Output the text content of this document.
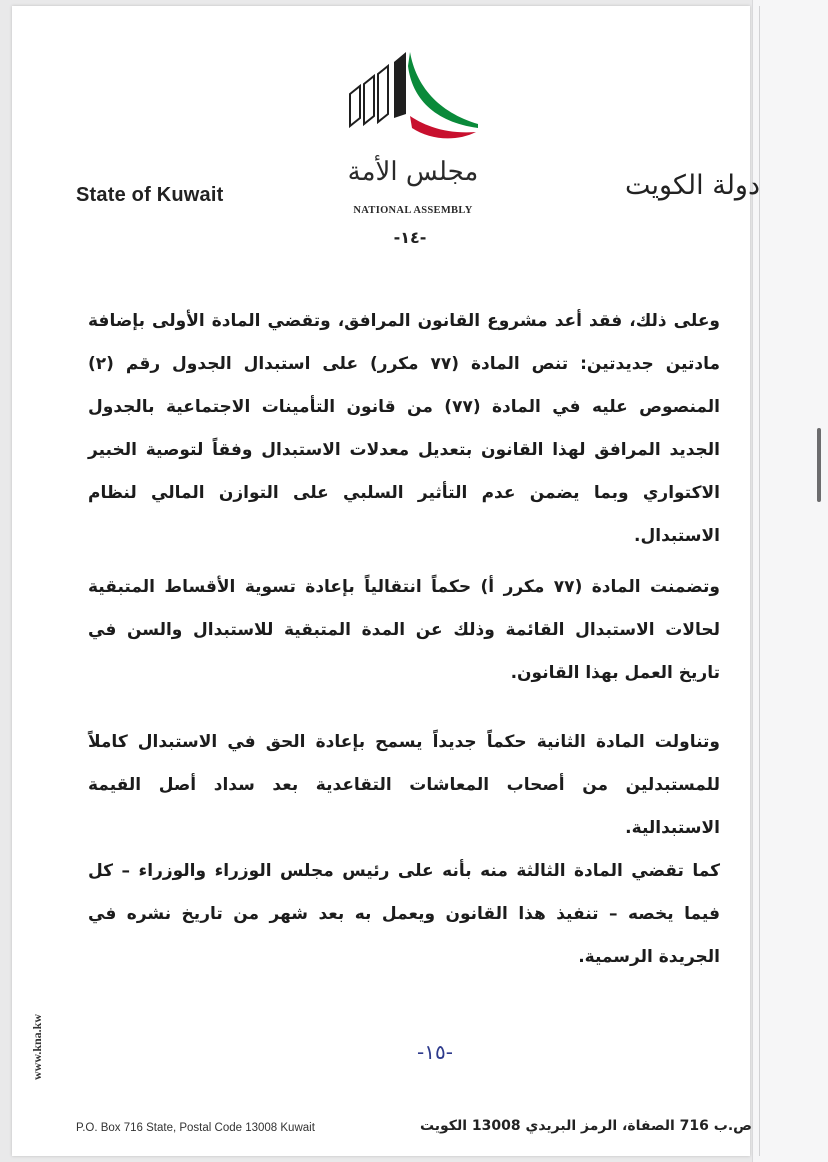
State of Kuwait	دولة الكويت
مجلس الأمة
NATIONAL ASSEMBLY
-١٤-

وعلى ذلك، فقد أعد مشروع القانون المرافق، وتقضي المادة الأولى بإضافة مادتين جديدتين: تنص المادة (٧٧ مكرر) على استبدال الجدول رقم (٢) المنصوص عليه في المادة (٧٧) من قانون التأمينات الاجتماعية بالجدول الجديد المرافق لهذا القانون بتعديل معدلات الاستبدال وفقاً لتوصية الخبير الاكتواري وبما يضمن عدم التأثير السلبي على التوازن المالي لنظام الاستبدال.

وتضمنت المادة (٧٧ مكرر أ) حكماً انتقالياً بإعادة تسوية الأقساط المتبقية لحالات الاستبدال القائمة وذلك عن المدة المتبقية للاستبدال والسن في تاريخ العمل بهذا القانون.

وتناولت المادة الثانية حكماً جديداً يسمح بإعادة الحق في الاستبدال كاملاً للمستبدلين من أصحاب المعاشات التقاعدية بعد سداد أصل القيمة الاستبدالية.

كما تقضي المادة الثالثة منه بأنه على رئيس مجلس الوزراء والوزراء – كل فيما يخصه – تنفيذ هذا القانون ويعمل به بعد شهر من تاريخ نشره في الجريدة الرسمية.

-١٥-
P.O. Box 716 State, Postal Code 13008 Kuwait	ص.ب 716 الصفاة، الرمز البريدي 13008 الكويت
